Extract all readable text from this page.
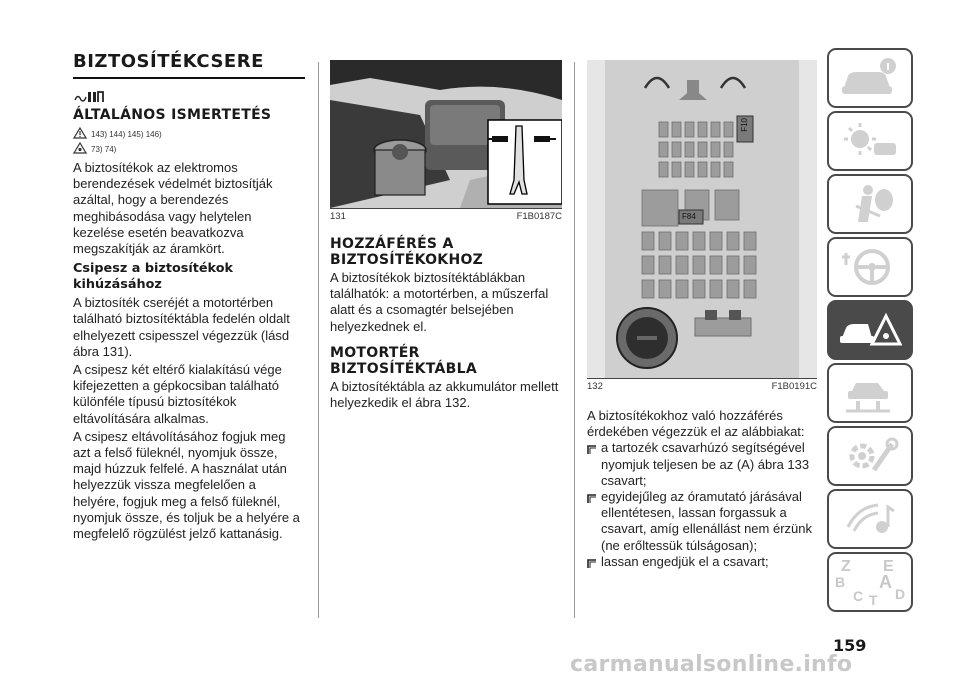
BIZTOSÍTÉKCSERE
ÁLTALÁNOS ISMERTETÉS
143) 144) 145) 146)
73) 74)
A biztosítékok az elektromos berendezések védelmét biztosítják azáltal, hogy a berendezés meghibásodása vagy helytelen kezelése esetén beavatkozva megszakítják az áramkört.
Csipesz a biztosítékok kihúzásához
A biztosíték cseréjét a motortérben található biztosítéktábla fedelén oldalt elhelyezett csipesszel végezzük (lásd ábra 131).
A csipesz két eltérő kialakítású vége kifejezetten a gépkocsiban található különféle típusú biztosítékok eltávolítására alkalmas.
A csipesz eltávolításához fogjuk meg azt a felső füleknél, nyomjuk össze, majd húzzuk felfelé. A használat után helyezzük vissza megfelelően a helyére, fogjuk meg a felső füleknél, nyomjuk össze, és toljuk be a helyére a megfelelő rögzülést jelző kattanásig.
131	F1B0187C
HOZZÁFÉRÉS A BIZTOSÍTÉKOKHOZ
A biztosítékok biztosítéktáblákban találhatók: a motortérben, a műszerfal alatt és a csomagtér belsejében helyezkednek el.
MOTORTÉR BIZTOSÍTÉKTÁBLA
A biztosítéktábla az akkumulátor mellett helyezkedik el ábra 132.
F10
F84
132	F1B0191C
A biztosítékokhoz való hozzáférés érdekében végezzük el az alábbiakat:
a tartozék csavarhúzó segítségével nyomjuk teljesen be az (A) ábra 133 csavart;
egyidejűleg az óramutató járásával ellentétesen, lassan forgassuk a csavart, amíg ellenállást nem érzünk (ne erőltessük túlságosan);
lassan engedjük el a csavart;	Z E
B A
C D
T
159
carmanualsonline.info
